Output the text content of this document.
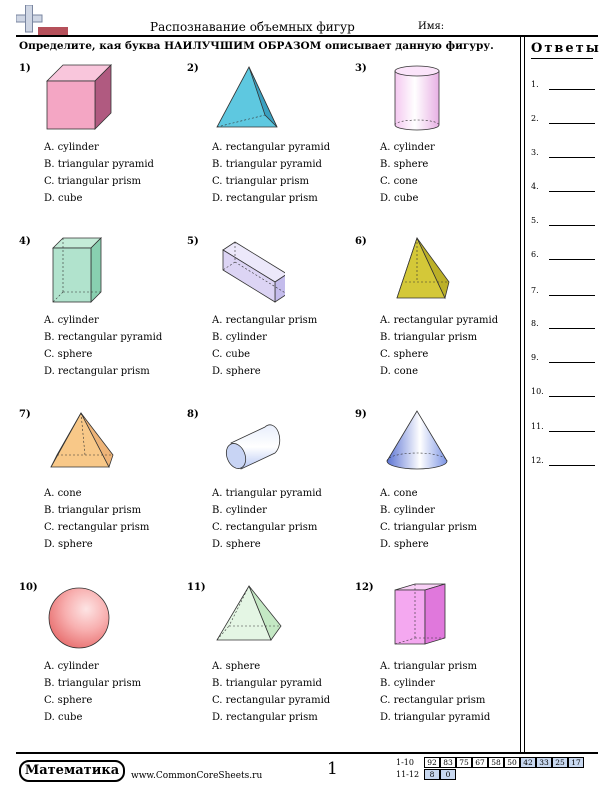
Распознавание объемных фигур	Имя:
Определите, кая буква НАИЛУЧШИМ ОБРАЗОМ описывает данную фигуру.	Ответы
1.
2.
3.
4.
5.
6.
7.
8.
9.
10.
11.
12.
1)
A. cylinder
B. triangular pyramid
C. triangular prism
D. cube
2)
A. rectangular pyramid
B. triangular pyramid
C. triangular prism
D. rectangular prism
3)
A. cylinder
B. sphere
C. cone
D. cube
4)
A. cylinder
B. rectangular pyramid
C. sphere
D. rectangular prism
5)
A. rectangular prism
B. cylinder
C. cube
D. sphere
6)
A. rectangular pyramid
B. triangular prism
C. sphere
D. cone
7)
A. cone
B. triangular prism
C. rectangular prism
D. sphere
8)
A. triangular pyramid
B. cylinder
C. rectangular prism
D. sphere
9)
A. cone
B. cylinder
C. triangular prism
D. sphere
10)
A. cylinder
B. triangular prism
C. sphere
D. cube
11)
A. sphere
B. triangular pyramid
C. rectangular pyramid
D. rectangular prism
12)
A. triangular prism
B. cylinder
C. rectangular prism
D. triangular pyramid
Математика	www.CommonCoreSheets.ru	1	1-10	92 83 75 67 58 50 42 33 25 17
11-12	8	0
